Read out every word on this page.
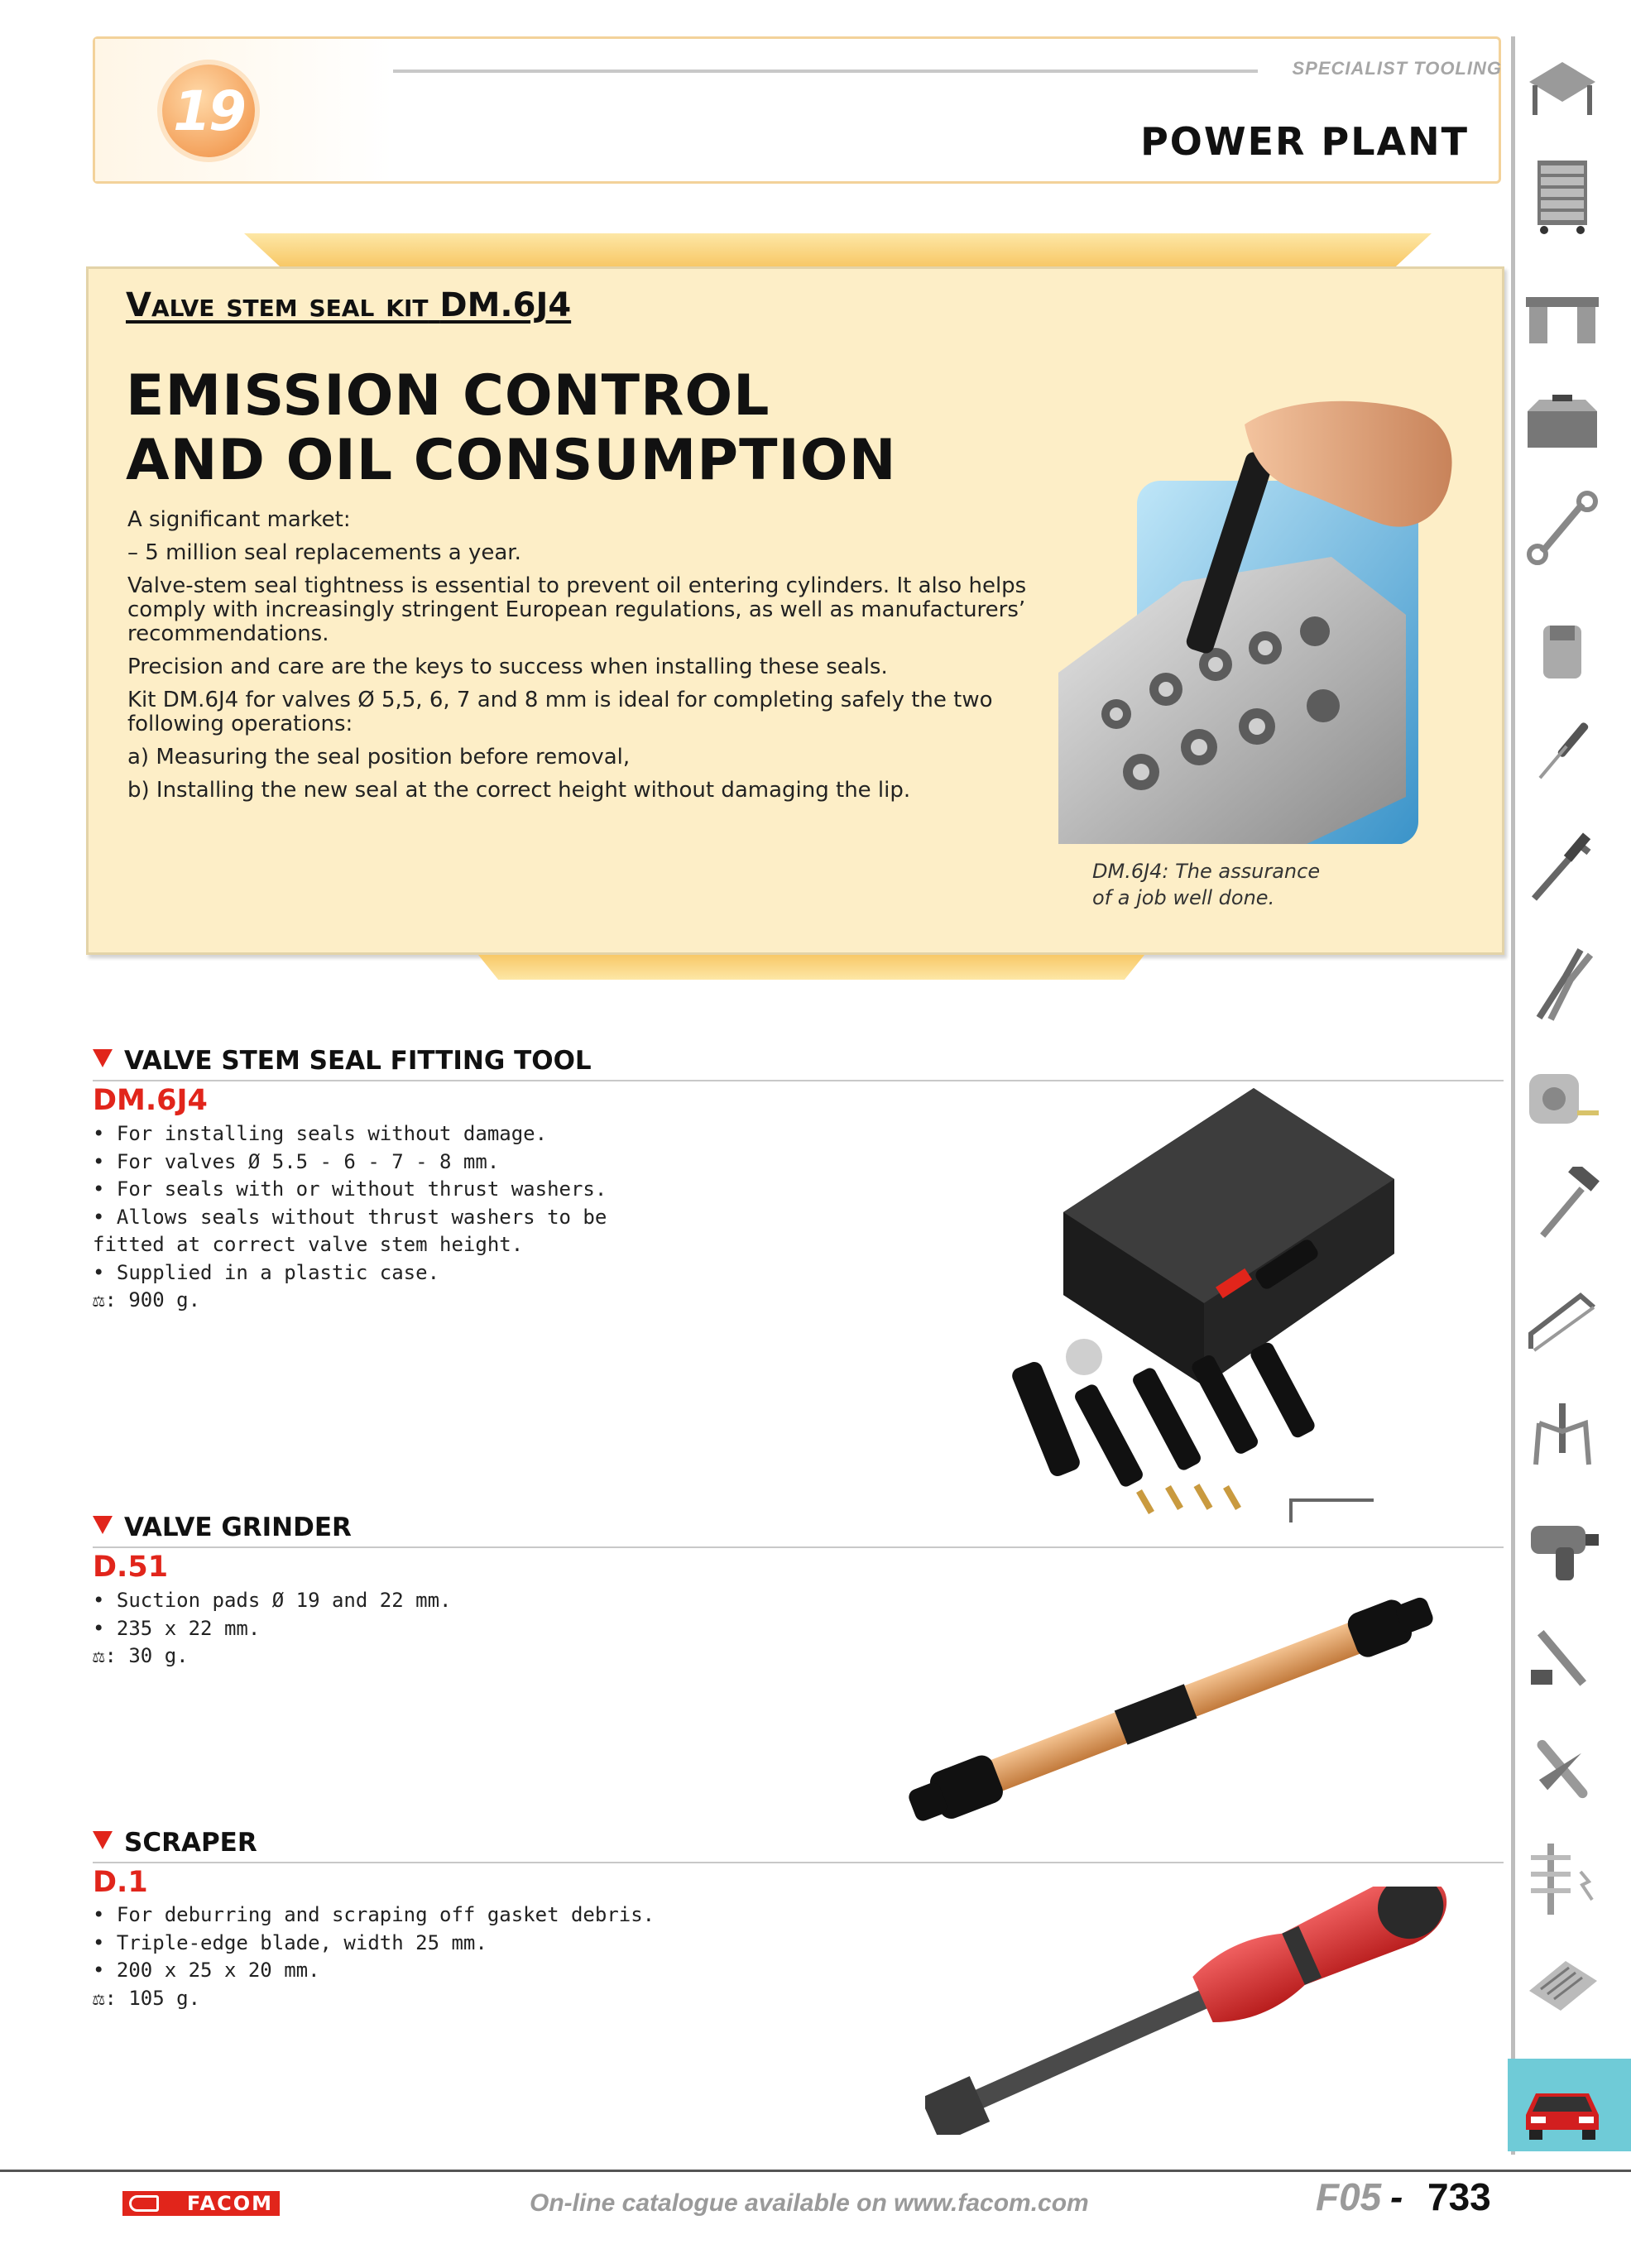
19
SPECIALIST TOOLING
POWER PLANT
Valve stem seal kit DM.6J4
EMISSION CONTROL
AND OIL CONSUMPTION

A significant market:

– 5 million seal replacements a year.

Valve-stem seal tightness is essential to prevent oil entering cylinders. It also helps comply with increasingly stringent European regulations, as well as manufacturers’ recommendations.

Precision and care are the keys to success when installing these seals.

Kit DM.6J4 for valves Ø 5,5, 6, 7 and 8 mm is ideal for completing safely the two following operations:

a) Measuring the seal position before removal,

b) Installing the new seal at the correct height without damaging the lip.

DM.6J4: The assurance
of a job well done.
VALVE STEM SEAL FITTING TOOL
DM.6J4
• For installing seals without damage.
• For valves Ø 5.5 - 6 - 7 - 8 mm.
• For seals with or without thrust washers.
• Allows seals without thrust washers to be fitted at correct valve stem height.
• Supplied in a plastic case.
⚖: 900 g.
VALVE GRINDER
D.51
• Suction pads Ø 19 and 22 mm.
• 235 x 22 mm.
⚖: 30 g.
SCRAPER
D.1
• For deburring and scraping off gasket debris.
• Triple-edge blade, width 25 mm.
• 200 x 25 x 20 mm.
⚖: 105 g.
FACOM	On-line catalogue available on www.facom.com	F05 - 733
